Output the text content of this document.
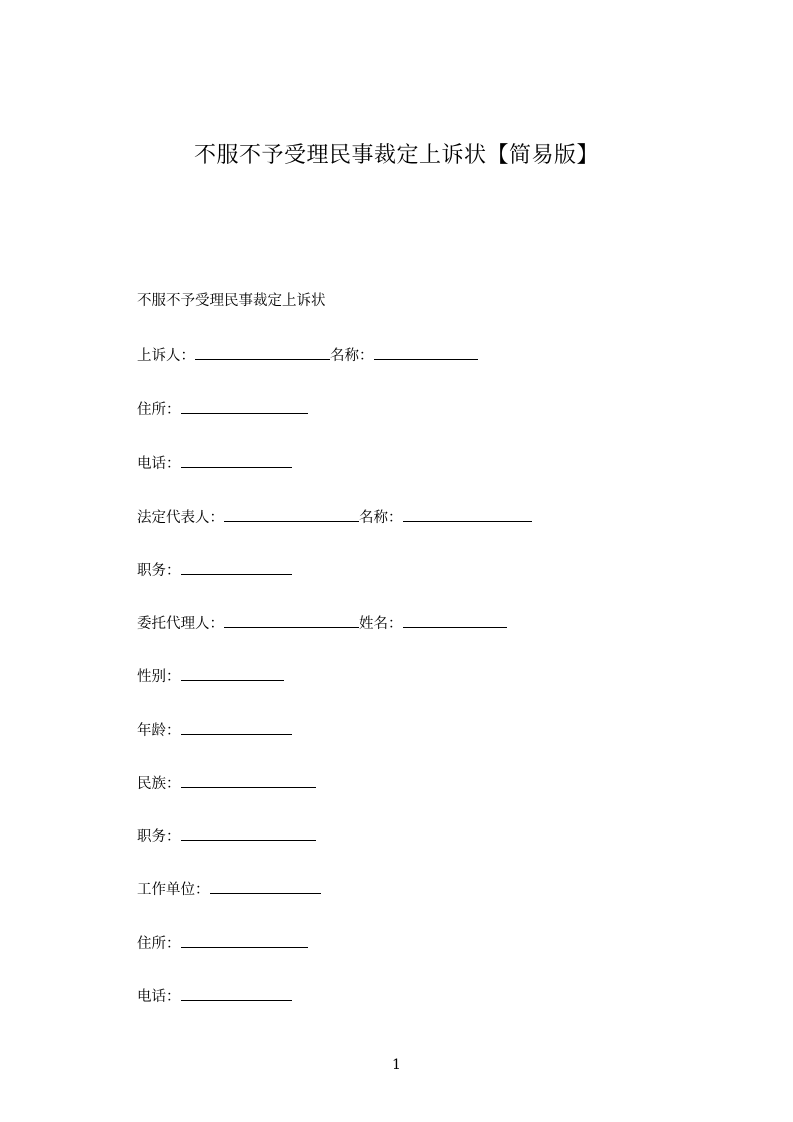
不服不予受理民事裁定上诉状【简易版】
不服不予受理民事裁定上诉状
上诉人：	名称：
住所：
电话：
法定代表人：	名称：
职务：
委托代理人：	姓名：
性别：
年龄：
民族：
职务：
工作单位：
住所：
电话：
1
